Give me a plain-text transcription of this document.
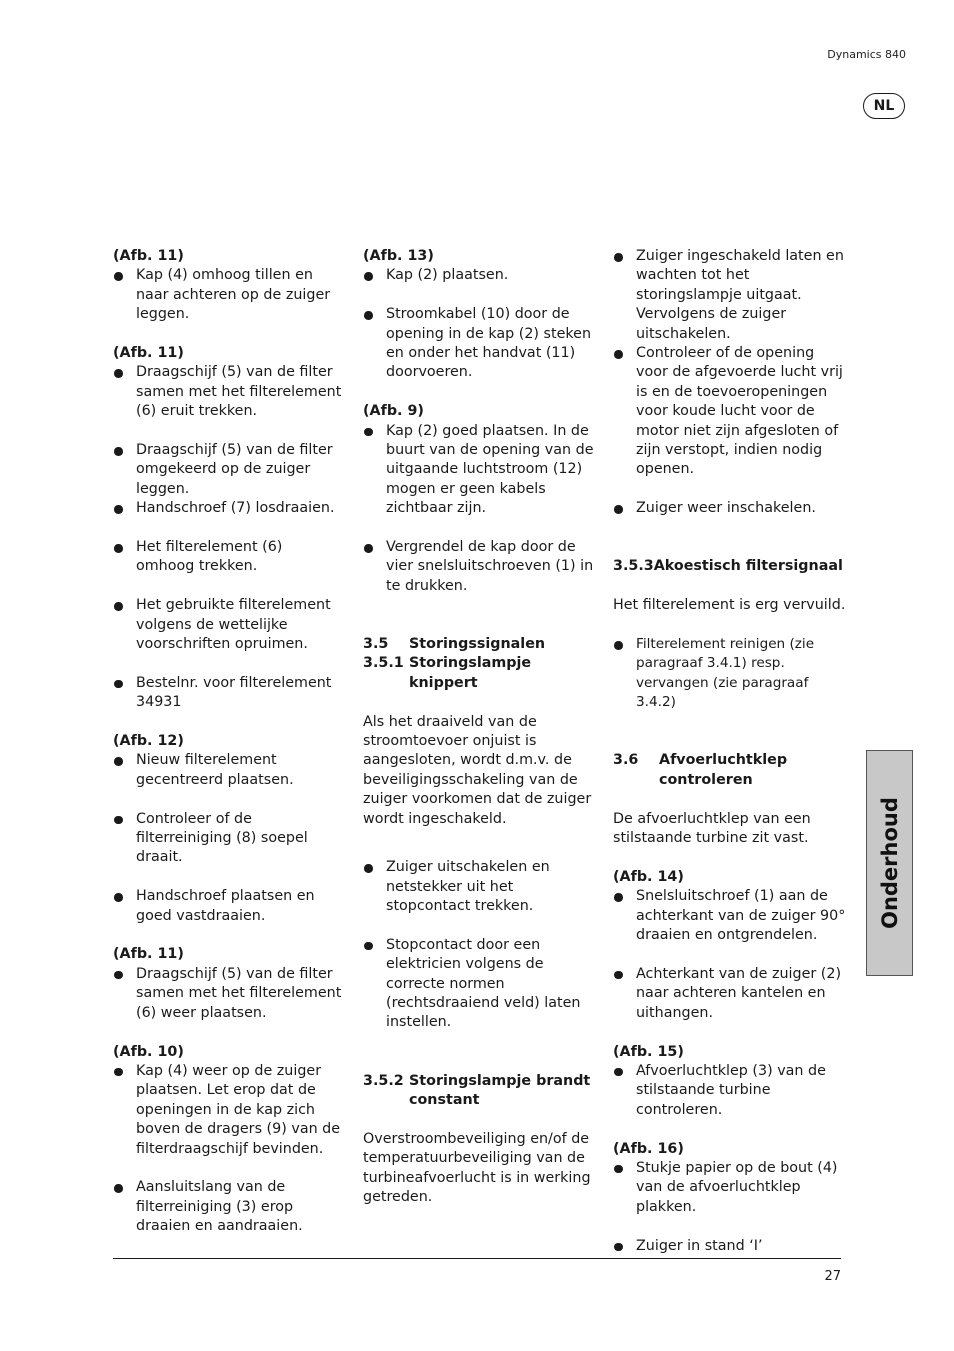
Dynamics 840
NL
(Afb. 11)
Kap (4) omhoog tillen en naar achteren op de zuiger leggen.
(Afb. 11)
Draagschijf (5) van de filter samen met het filterelement (6) eruit trekken.
Draagschijf (5) van de filter omgekeerd op de zuiger leggen.
Handschroef (7) losdraaien.
Het filterelement (6) omhoog trekken.
Het gebruikte filterelement volgens de wettelijke voorschriften opruimen.
Bestelnr. voor filterelement 34931
(Afb. 12)
Nieuw filterelement gecentreerd plaatsen.
Controleer of de filterreiniging (8) soepel draait.
Handschroef plaatsen en goed vastdraaien.
(Afb. 11)
Draagschijf (5) van de filter samen met het filterelement (6) weer plaatsen.
(Afb. 10)
Kap (4) weer op de zuiger plaatsen. Let erop dat de openingen in de kap zich boven de dragers (9) van de filterdraagschijf bevinden.
Aansluitslang van de filterreiniging (3) erop draaien en aandraaien.
(Afb. 13)
Kap (2) plaatsen.
Stroomkabel (10) door de opening in de kap (2) steken en onder het handvat (11) doorvoeren.
(Afb. 9)
Kap (2) goed plaatsen. In de buurt van de opening van de uitgaande luchtstroom (12) mogen er geen kabels zichtbaar zijn.
Vergrendel de kap door de vier snelsluitschroeven (1) in te drukken.
3.5	Storingssignalen
3.5.1 Storingslampje knippert
Als het draaiveld van de stroomtoevoer onjuist is aangesloten, wordt d.m.v. de beveiligingsschakeling van de zuiger voorkomen dat de zuiger wordt ingeschakeld.
Zuiger uitschakelen en netstekker uit het stopcontact trekken.
Stopcontact door een elektricien volgens de correcte normen (rechtsdraaiend veld) laten instellen.
3.5.2 Storingslampje brandt constant
Overstroombeveiliging en/of de temperatuurbeveiliging van de turbineafvoerlucht is in werking getreden.
Zuiger ingeschakeld laten en wachten tot het storingslampje uitgaat. Vervolgens de zuiger uitschakelen.
Controleer of de opening voor de afgevoerde lucht vrij is en de toevoeropeningen voor koude lucht voor de motor niet zijn afgesloten of zijn verstopt, indien nodig openen.
Zuiger weer inschakelen.
3.5.3 Akoestisch filtersignaal
Het filterelement is erg vervuild.
Filterelement reinigen (zie paragraaf 3.4.1) resp. vervangen (zie paragraaf 3.4.2)
3.6	Afvoerluchtklep controleren
De afvoerluchtklep van een stilstaande turbine zit vast.
(Afb. 14)
Snelsluitschroef (1) aan de achterkant van de zuiger 90° draaien en ontgrendelen.
Achterkant van de zuiger (2) naar achteren kantelen en uithangen.
(Afb. 15)
Afvoerluchtklep (3) van de stilstaande turbine controleren.
(Afb. 16)
Stukje papier op de bout (4) van de afvoerluchtklep plakken.
Zuiger in stand ‘I’
Onderhoud
27
